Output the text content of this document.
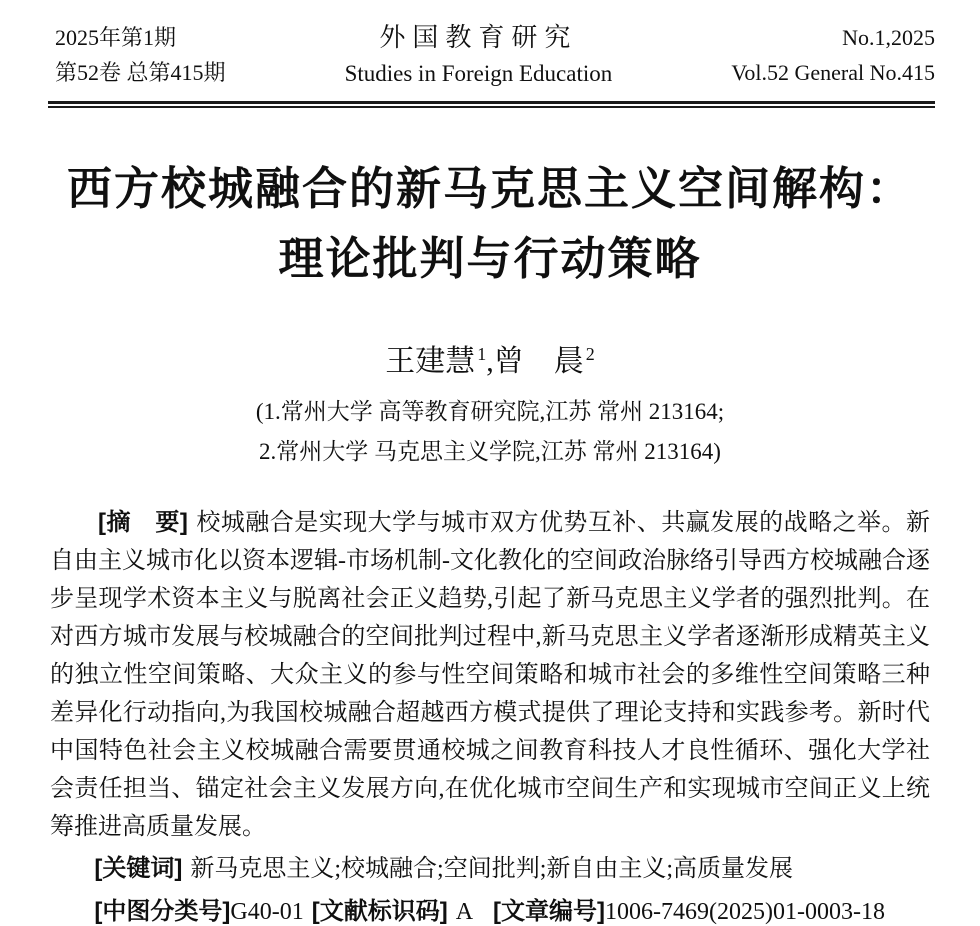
2025年第1期
第52卷 总第415期
外国教育研究
Studies in Foreign Education
No.1,2025
Vol.52 General No.415
西方校城融合的新马克思主义空间解构：
理论批判与行动策略
王建慧 $^1$,曾　晨 $^2$
(1.常州大学 高等教育研究院,江苏 常州 213164;
2.常州大学 马克思主义学院,江苏 常州 213164)

[摘　要] 校城融合是实现大学与城市双方优势互补、共赢发展的战略之举。新自由主义城市化以资本逻辑-市场机制-文化教化的空间政治脉络引导西方校城融合逐步呈现学术资本主义与脱离社会正义趋势,引起了新马克思主义学者的强烈批判。在对西方城市发展与校城融合的空间批判过程中,新马克思主义学者逐渐形成精英主义的独立性空间策略、大众主义的参与性空间策略和城市社会的多维性空间策略三种差异化行动指向,为我国校城融合超越西方模式提供了理论支持和实践参考。新时代中国特色社会主义校城融合需要贯通校城之间教育科技人才良性循环、强化大学社会责任担当、锚定社会主义发展方向,在优化城市空间生产和实现城市空间正义上统筹推进高质量发展。

[关键词] 新马克思主义;校城融合;空间批判;新自由主义;高质量发展

[中图分类号]G40-01 [文献标识码] A [文章编号]1006-7469(2025)01-0003-18
